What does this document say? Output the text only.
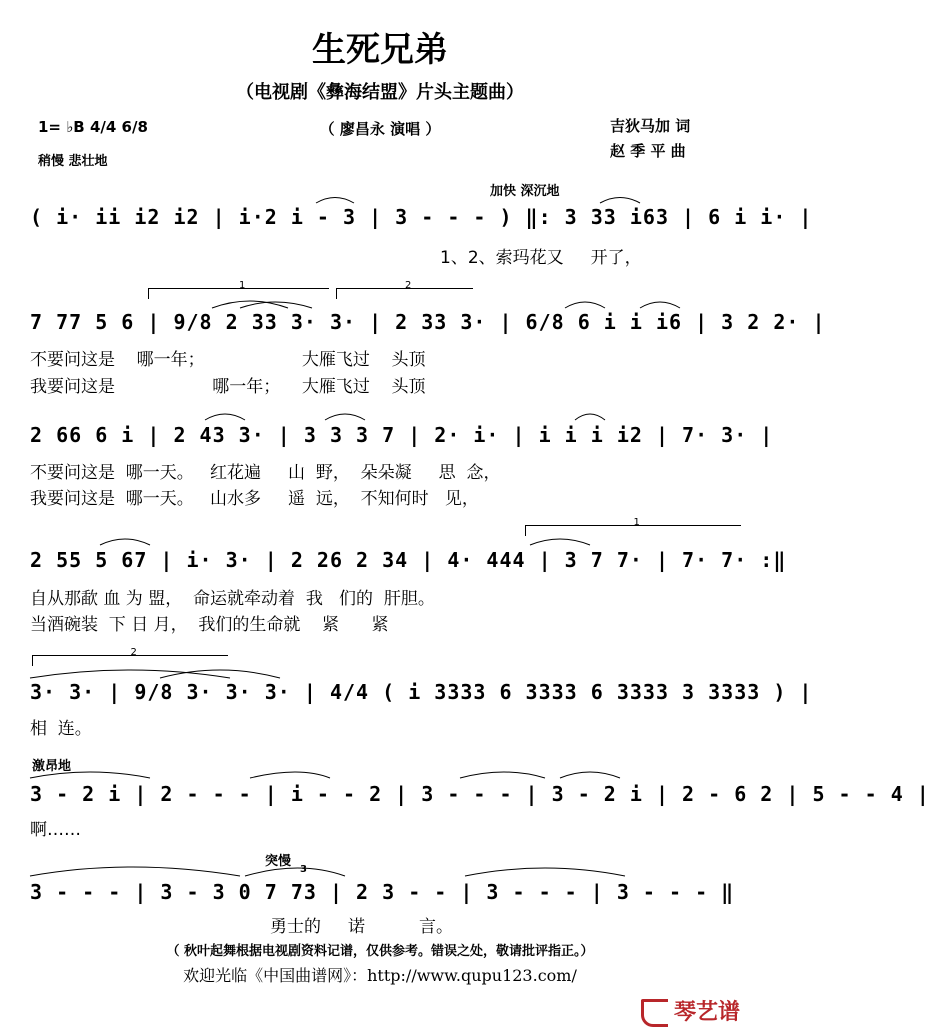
生死兄弟
（电视剧《彝海结盟》片头主题曲）
（ 廖昌永 演唱 ）
1= ♭B 4/4 6/8
稍慢 悲壮地
吉狄马加 词
赵 季 平 曲
加快 深沉地
( i· ii i2 i2 | i·2 i - 3 | 3 - - - ) ‖: 3 33 i63 | 6 i i· |
1、2、索玛花又     开了，
1	2
7 77 5 6 | 9/8 2 33 3· 3· | 2 33 3· | 6/8 6 i i i6 | 3 2 2· |
不要问这是    哪一年；                  大雁飞过    头顶
我要问这是                  哪一年；    大雁飞过    头顶
2 66 6 i | 2 43 3· | 3 3 3 7 | 2· i· | i i i i2 | 7· 3· |
不要问这是  哪一天。   红花遍     山  野，  朵朵凝     思  念，
我要问这是  哪一天。   山水多     遥  远，  不知何时   见，
1
2 55 5 67 | i· 3· | 2 26 2 34 | 4· 444 | 3 7 7· | 7· 7· :‖
自从那歃 血 为 盟，  命运就牵动着  我   们的  肝胆。
当酒碗装  下 日 月，  我们的生命就    紧      紧
2
3· 3· | 9/8 3· 3· 3· | 4/4 ( i 3333 6 3333 6 3333 3 3333 ) |
相  连。
激昂地
3 - 2 i | 2 - - - | i - - 2 | 3 - - - | 3 - 2 i | 2 - 6 2 | 5 - - 4 |
啊……
突慢
3
3 - - - | 3 - 3 0 7 73 | 2 3 - - | 3 - - - | 3 - - - ‖
勇士的     诺          言。
（ 秋叶起舞根据电视剧资料记谱，仅供参考。错误之处，敬请批评指正。）
欢迎光临《中国曲谱网》：http://www.qupu123.com/
琴艺谱
